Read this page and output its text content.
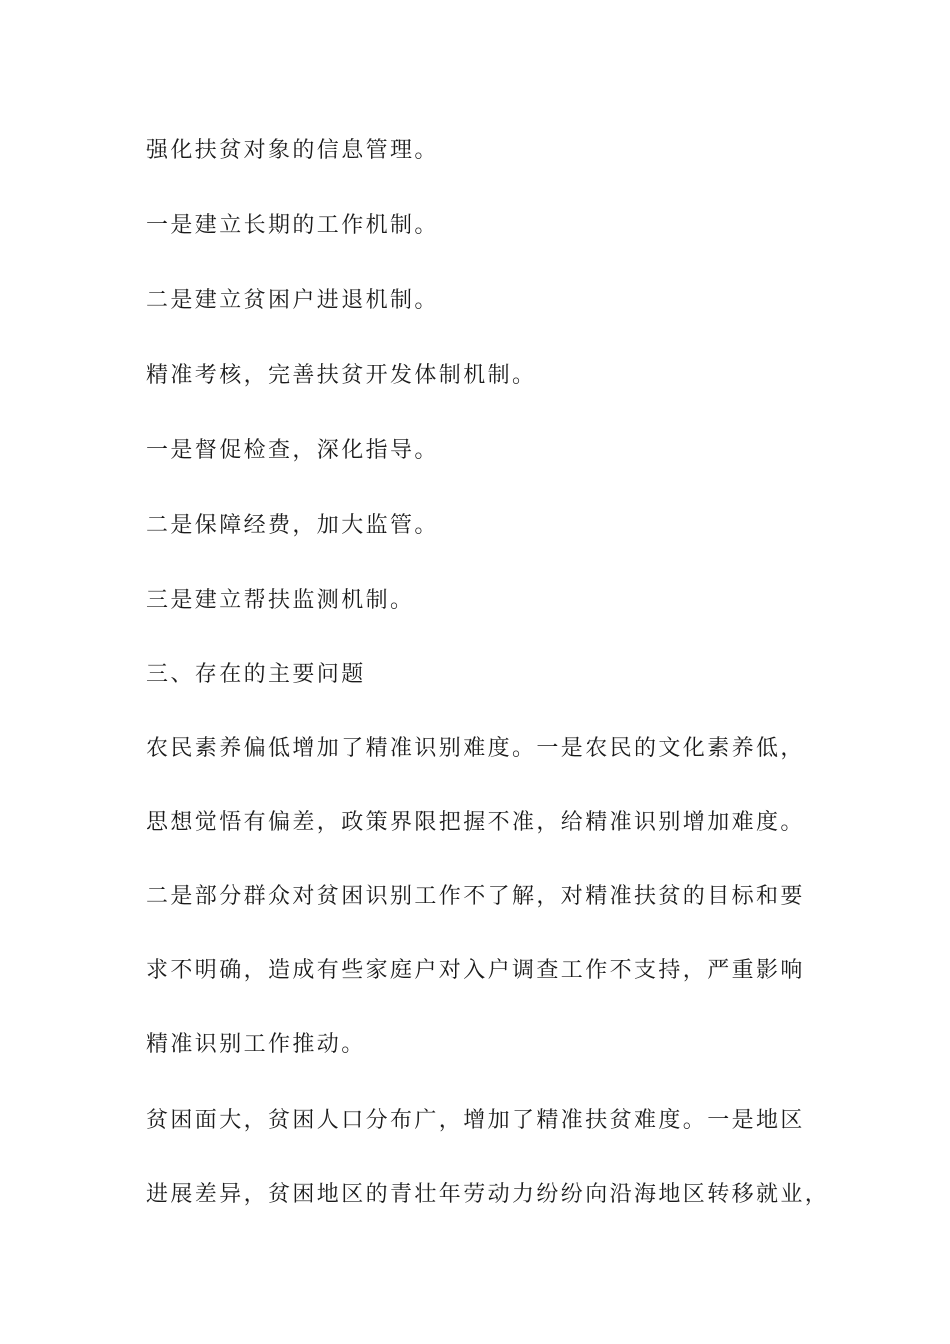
强化扶贫对象的信息管理。
一是建立长期的工作机制。
二是建立贫困户进退机制。
精准考核，完善扶贫开发体制机制。
一是督促检查，深化指导。
二是保障经费，加大监管。
三是建立帮扶监测机制。
三、存在的主要问题
农民素养偏低增加了精准识别难度。一是农民的文化素养低，
思想觉悟有偏差，政策界限把握不准，给精准识别增加难度。
二是部分群众对贫困识别工作不了解，对精准扶贫的目标和要
求不明确，造成有些家庭户对入户调查工作不支持，严重影响
精准识别工作推动。
贫困面大，贫困人口分布广，增加了精准扶贫难度。一是地区
进展差异，贫困地区的青壮年劳动力纷纷向沿海地区转移就业，
